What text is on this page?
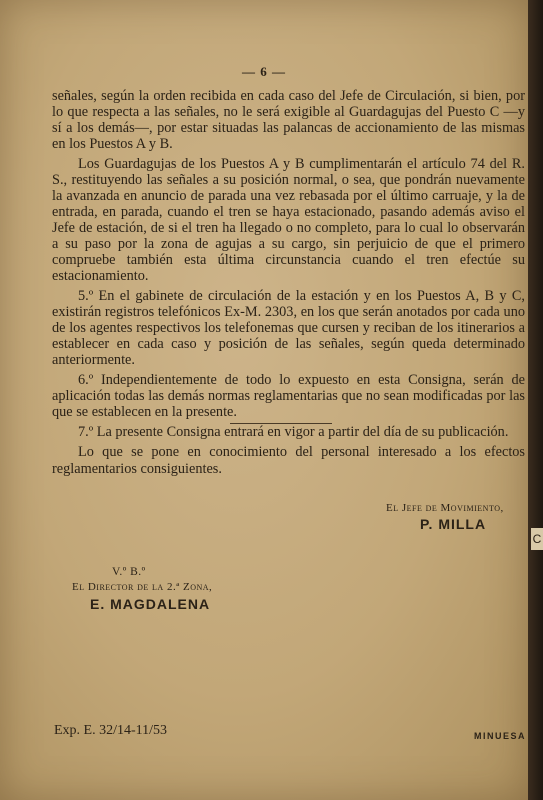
— 6 —

señales, según la orden recibida en cada caso del Jefe de Circulación, si bien, por lo que respecta a las señales, no le será exigible al Guardagujas del Puesto C —y sí a los demás—, por estar situadas las palancas de accionamiento de las mismas en los Puestos A y B.

Los Guardagujas de los Puestos A y B cumplimentarán el artículo 74 del R. S., restituyendo las señales a su posición normal, o sea, que pondrán nuevamente la avanzada en anuncio de parada una vez rebasada por el último carruaje, y la de entrada, en parada, cuando el tren se haya estacionado, pasando además aviso el Jefe de estación, de si el tren ha llegado o no completo, para lo cual lo observarán a su paso por la zona de agujas a su cargo, sin perjuicio de que el primero compruebe también esta última circunstancia cuando el tren efectúe su estacionamiento.

5.º En el gabinete de circulación de la estación y en los Puestos A, B y C, existirán registros telefónicos Ex-M. 2303, en los que serán anotados por cada uno de los agentes respectivos los telefonemas que cursen y reciban de los itinerarios a establecer en cada caso y posición de las señales, según queda determinado anteriormente.

6.º Independientemente de todo lo expuesto en esta Consigna, serán de aplicación todas las demás normas reglamentarias que no sean modificadas por las que se establecen en la presente.

7.º La presente Consigna entrará en vigor a partir del día de su publicación.

Lo que se pone en conocimiento del personal interesado a los efectos reglamentarios consiguientes.
El Jefe de Movimiento,
P. MILLA
V.º B.º
El Director de la 2.ª Zona,
E. MAGDALENA
Exp. E. 32/14-11/53	MINUESA
C
